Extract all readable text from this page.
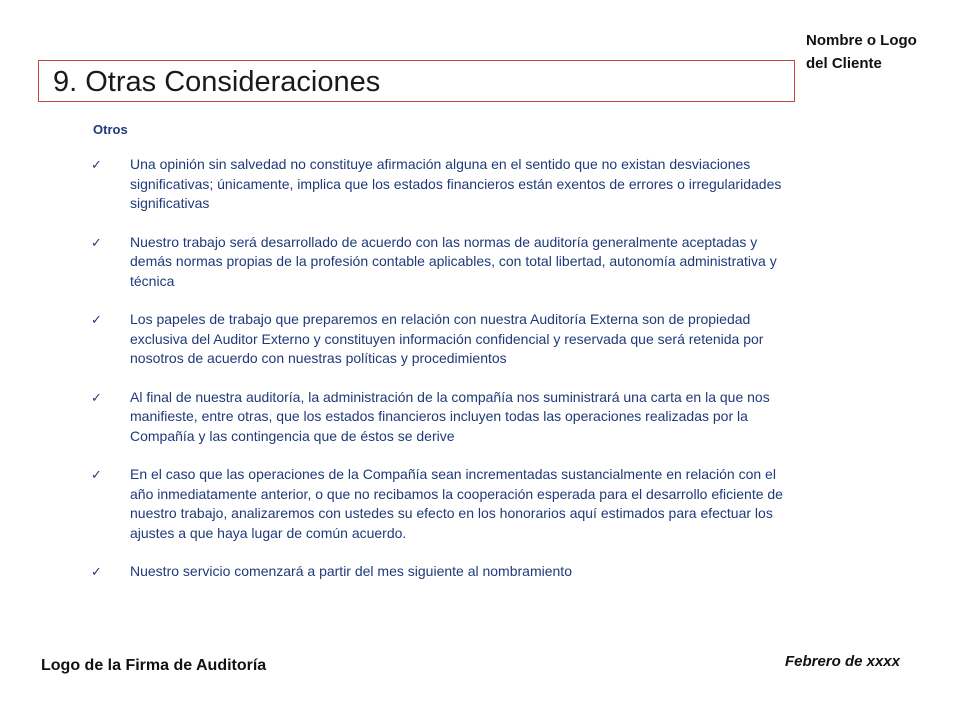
Nombre o Logo
del Cliente
9. Otras Consideraciones
Otros
✓ Una opinión sin salvedad no constituye afirmación alguna en el sentido que no existan desviaciones significativas; únicamente, implica que los estados financieros están exentos de errores o irregularidades significativas
✓ Nuestro trabajo será desarrollado de acuerdo con las normas de auditoría generalmente aceptadas y demás normas propias de la profesión contable aplicables, con total libertad, autonomía administrativa y técnica
✓ Los papeles de trabajo que preparemos en relación con nuestra Auditoría Externa son de propiedad exclusiva del Auditor Externo y constituyen información confidencial y reservada que será retenida por nosotros de acuerdo con nuestras políticas y procedimientos
✓ Al final de nuestra auditoría, la administración de la compañía nos suministrará una carta en la que nos manifieste, entre otras, que los estados financieros incluyen todas las operaciones realizadas por la Compañía y las contingencia que de éstos se derive
✓ En el caso que las operaciones de la Compañía sean incrementadas sustancialmente en relación con el año inmediatamente anterior, o que no recibamos la cooperación esperada para el desarrollo eficiente de nuestro trabajo, analizaremos con ustedes su efecto en los honorarios aquí estimados para efectuar los ajustes a que haya lugar de común acuerdo.
✓ Nuestro servicio comenzará a partir del mes siguiente al nombramiento
Logo de la Firma de Auditoría	Febrero de xxxx
